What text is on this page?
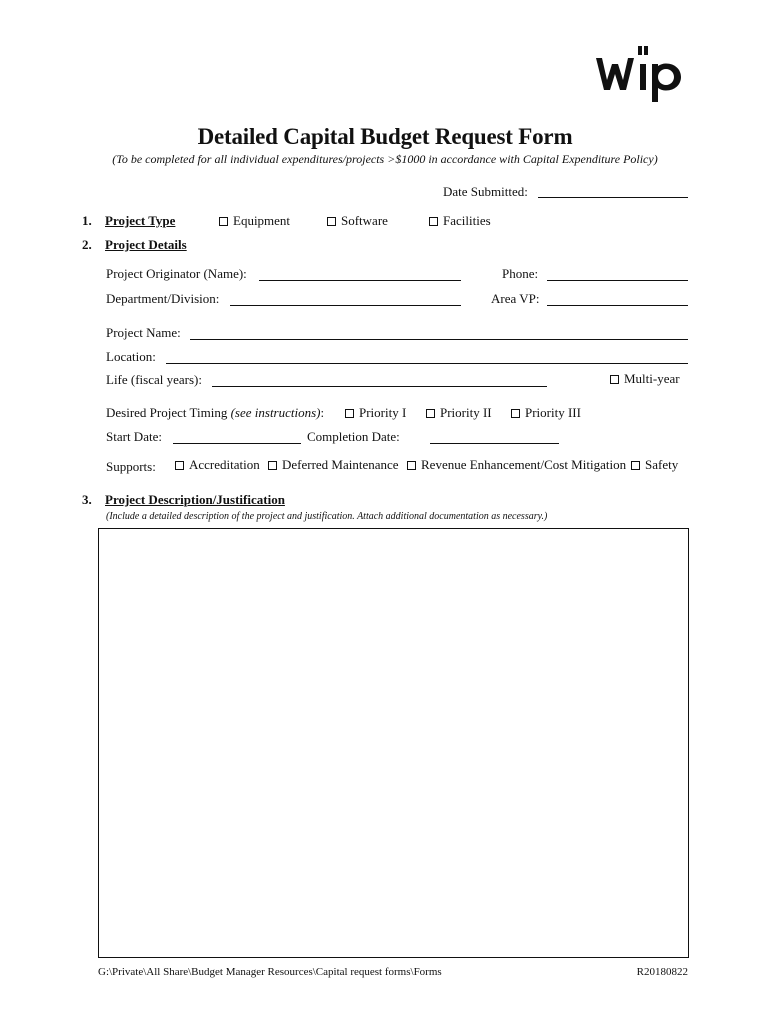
Detailed Capital Budget Request Form
(To be completed for all individual expenditures/projects >$1000 in accordance with Capital Expenditure Policy)
Date Submitted:
1. Project Type	Equipment	Software	Facilities
2. Project Details
Project Originator (Name):	Phone:
Department/Division:	Area VP:
Project Name:
Location:
Life (fiscal years):	Multi-year
Desired Project Timing (see instructions):	Priority I	Priority II	Priority III
Start Date:	Completion Date:
Supports:	Accreditation	Deferred Maintenance	Revenue Enhancement/Cost Mitigation	Safety
3. Project Description/Justification
(Include a detailed description of the project and justification. Attach additional documentation as necessary.)
G:\Private\All Share\Budget Manager Resources\Capital request forms\Forms	R20180822
